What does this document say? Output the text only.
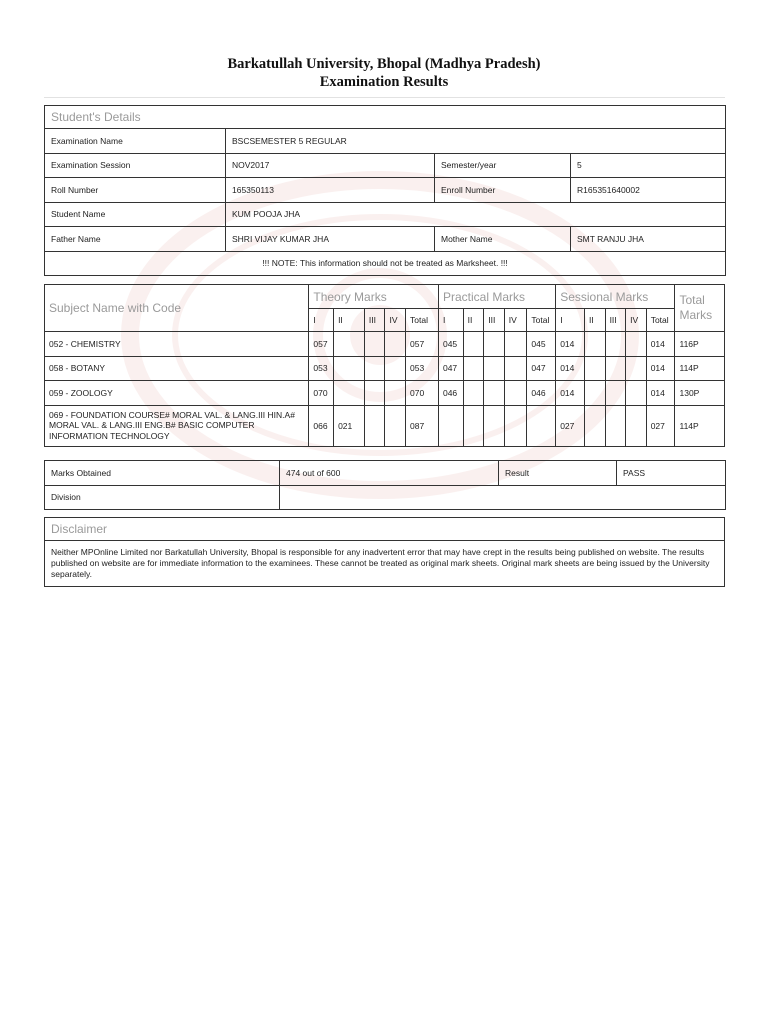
Barkatullah University, Bhopal (Madhya Pradesh)
Examination Results
Student's Details			
Examination Name	BSCSEMESTER 5 REGULAR		
Examination Session	NOV2017	Semester/year	5
Roll Number	165350113	Enroll Number	R165351640002
Student Name	KUM POOJA JHA		
Father Name	SHRI VIJAY KUMAR JHA	Mother Name	SMT RANJU JHA
!!! NOTE: This information should not be treated as Marksheet. !!!			
Subject Name with Code	Theory Marks					Practical Marks					Sessional Marks					Total Marks
	I	II	III	IV	Total	I	II	III	IV	Total	I	II	III	IV	Total	
052 - CHEMISTRY	057				057	045				045	014				014	116P
058 - BOTANY	053				053	047				047	014				014	114P
059 - ZOOLOGY	070				070	046				046	014				014	130P
069 - FOUNDATION COURSE# MORAL VAL. & LANG.III HIN.A# MORAL VAL. & LANG.III ENG.B# BASIC COMPUTER INFORMATION TECHNOLOGY	066	021			087						027				027	114P
Marks Obtained	474 out of 600	Result	PASS
Division			
Disclaimer
Neither MPOnline Limited nor Barkatullah University, Bhopal is responsible for any inadvertent error that may have crept in the results being published on website. The results published on website are for immediate information to the examinees. These cannot be treated as original mark sheets. Original mark sheets are being issued by the University separately.
